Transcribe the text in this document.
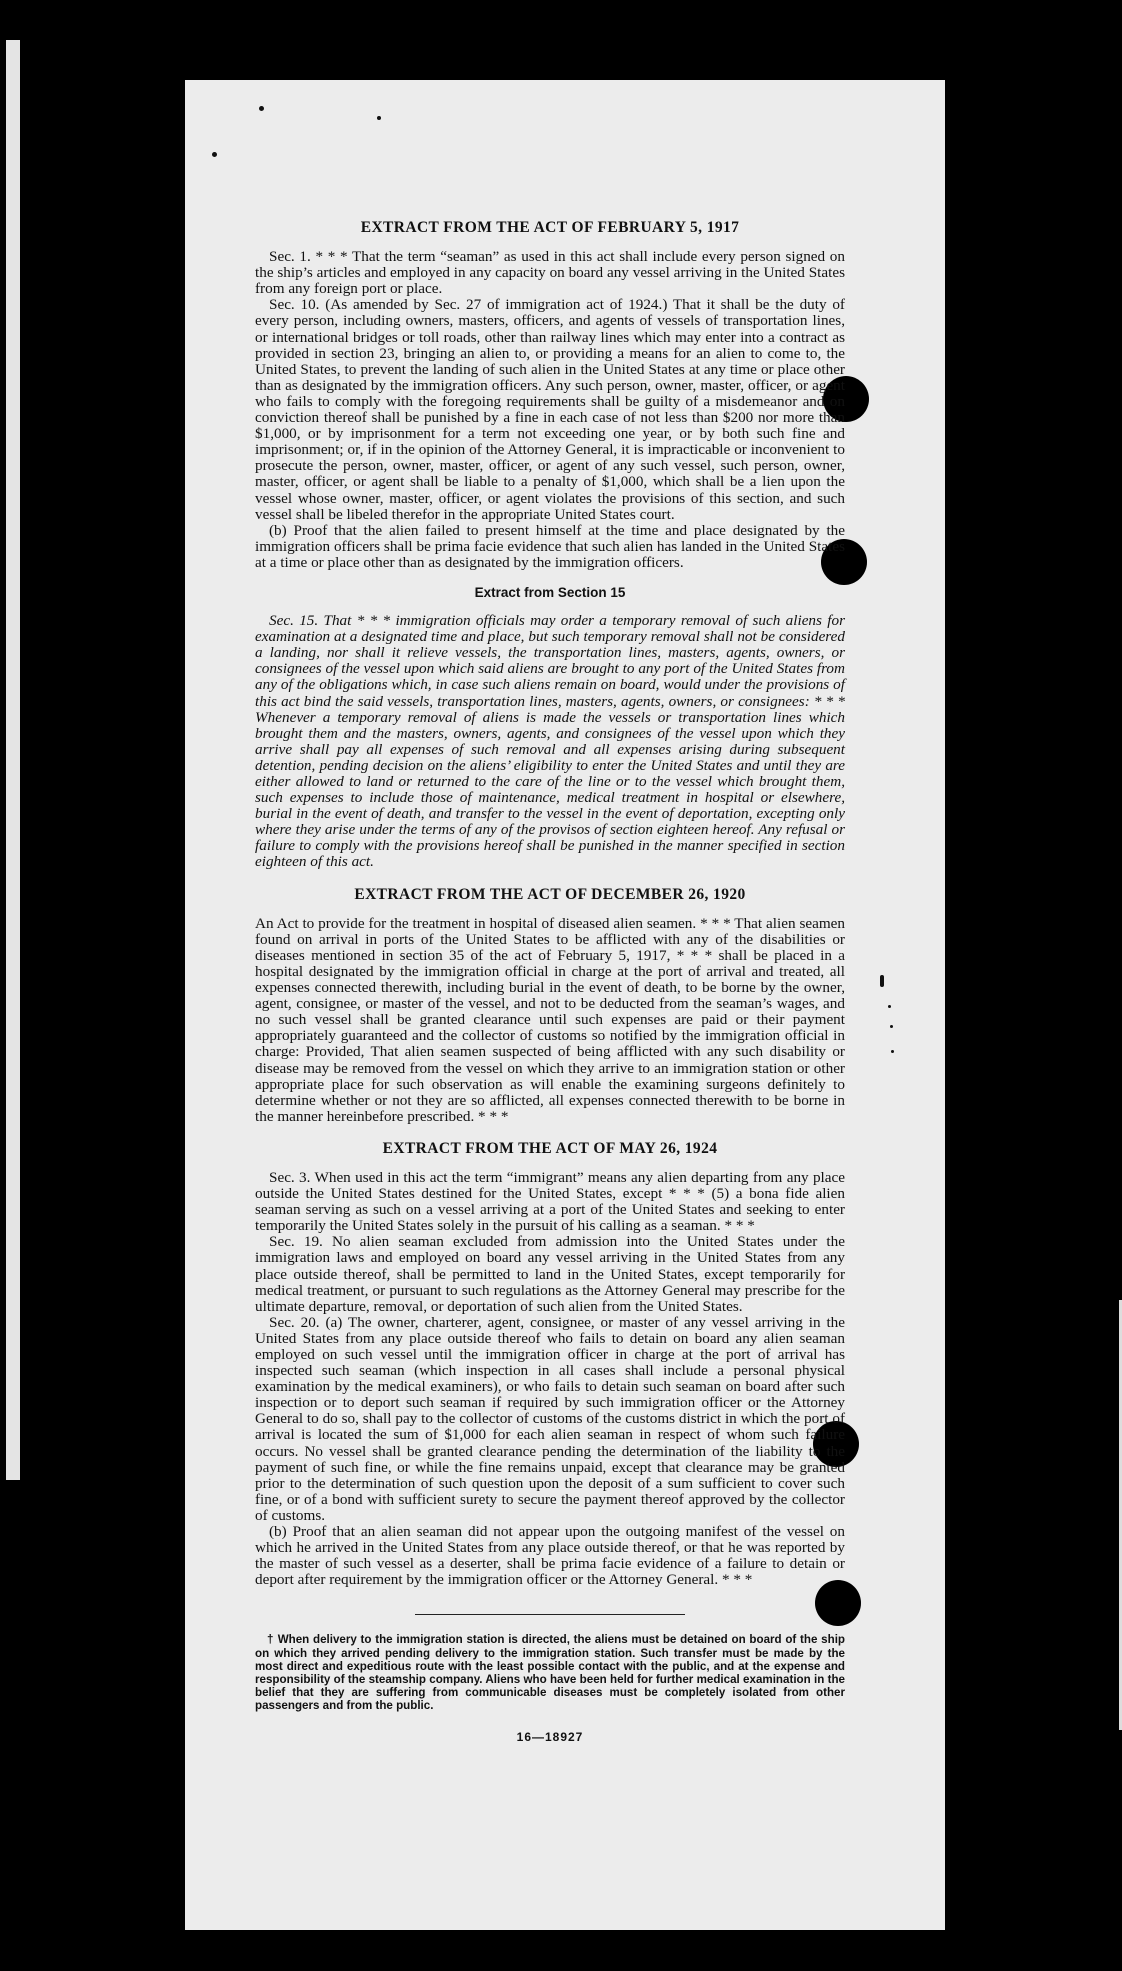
EXTRACT FROM THE ACT OF FEBRUARY 5, 1917

Sec. 1. * * * That the term “seaman” as used in this act shall include every person signed on the ship’s articles and employed in any capacity on board any vessel arriving in the United States from any foreign port or place.

Sec. 10. (As amended by Sec. 27 of immigration act of 1924.) That it shall be the duty of every person, including owners, masters, officers, and agents of vessels of transportation lines, or international bridges or toll roads, other than railway lines which may enter into a contract as provided in section 23, bringing an alien to, or providing a means for an alien to come to, the United States, to prevent the landing of such alien in the United States at any time or place other than as designated by the immigration officers. Any such person, owner, master, officer, or agent who fails to comply with the foregoing requirements shall be guilty of a misdemeanor and on conviction thereof shall be punished by a fine in each case of not less than $200 nor more than $1,000, or by imprisonment for a term not exceeding one year, or by both such fine and imprisonment; or, if in the opinion of the Attorney General, it is impracticable or inconvenient to prosecute the person, owner, master, officer, or agent of any such vessel, such person, owner, master, officer, or agent shall be liable to a penalty of $1,000, which shall be a lien upon the vessel whose owner, master, officer, or agent violates the provisions of this section, and such vessel shall be libeled therefor in the appropriate United States court.

(b) Proof that the alien failed to present himself at the time and place designated by the immigration officers shall be prima facie evidence that such alien has landed in the United States at a time or place other than as designated by the immigration officers.

Extract from Section 15

Sec. 15. That * * * immigration officials may order a temporary removal of such aliens for examination at a designated time and place, but such temporary removal shall not be considered a landing, nor shall it relieve vessels, the transportation lines, masters, agents, owners, or consignees of the vessel upon which said aliens are brought to any port of the United States from any of the obligations which, in case such aliens remain on board, would under the provisions of this act bind the said vessels, transportation lines, masters, agents, owners, or consignees: * * * Whenever a temporary removal of aliens is made the vessels or transportation lines which brought them and the masters, owners, agents, and consignees of the vessel upon which they arrive shall pay all expenses of such removal and all expenses arising during subsequent detention, pending decision on the aliens’ eligibility to enter the United States and until they are either allowed to land or returned to the care of the line or to the vessel which brought them, such expenses to include those of maintenance, medical treatment in hospital or elsewhere, burial in the event of death, and transfer to the vessel in the event of deportation, excepting only where they arise under the terms of any of the provisos of section eighteen hereof. Any refusal or failure to comply with the provisions hereof shall be punished in the manner specified in section eighteen of this act.

EXTRACT FROM THE ACT OF DECEMBER 26, 1920

An Act to provide for the treatment in hospital of diseased alien seamen. * * * That alien seamen found on arrival in ports of the United States to be afflicted with any of the disabilities or diseases mentioned in section 35 of the act of February 5, 1917, * * * shall be placed in a hospital designated by the immigration official in charge at the port of arrival and treated, all expenses connected therewith, including burial in the event of death, to be borne by the owner, agent, consignee, or master of the vessel, and not to be deducted from the seaman’s wages, and no such vessel shall be granted clearance until such expenses are paid or their payment appropriately guaranteed and the collector of customs so notified by the immigration official in charge: Provided, That alien seamen suspected of being afflicted with any such disability or disease may be removed from the vessel on which they arrive to an immigration station or other appropriate place for such observation as will enable the examining surgeons definitely to determine whether or not they are so afflicted, all expenses connected therewith to be borne in the manner hereinbefore prescribed. * * *

EXTRACT FROM THE ACT OF MAY 26, 1924

Sec. 3. When used in this act the term “immigrant” means any alien departing from any place outside the United States destined for the United States, except * * * (5) a bona fide alien seaman serving as such on a vessel arriving at a port of the United States and seeking to enter temporarily the United States solely in the pursuit of his calling as a seaman. * * *

Sec. 19. No alien seaman excluded from admission into the United States under the immigration laws and employed on board any vessel arriving in the United States from any place outside thereof, shall be permitted to land in the United States, except temporarily for medical treatment, or pursuant to such regulations as the Attorney General may prescribe for the ultimate departure, removal, or deportation of such alien from the United States.

Sec. 20. (a) The owner, charterer, agent, consignee, or master of any vessel arriving in the United States from any place outside thereof who fails to detain on board any alien seaman employed on such vessel until the immigration officer in charge at the port of arrival has inspected such seaman (which inspection in all cases shall include a personal physical examination by the medical examiners), or who fails to detain such seaman on board after such inspection or to deport such seaman if required by such immigration officer or the Attorney General to do so, shall pay to the collector of customs of the customs district in which the port of arrival is located the sum of $1,000 for each alien seaman in respect of whom such failure occurs. No vessel shall be granted clearance pending the determination of the liability to the payment of such fine, or while the fine remains unpaid, except that clearance may be granted prior to the determination of such question upon the deposit of a sum sufficient to cover such fine, or of a bond with sufficient surety to secure the payment thereof approved by the collector of customs.

(b) Proof that an alien seaman did not appear upon the outgoing manifest of the vessel on which he arrived in the United States from any place outside thereof, or that he was reported by the master of such vessel as a deserter, shall be prima facie evidence of a failure to detain or deport after requirement by the immigration officer or the Attorney General. * * *

† When delivery to the immigration station is directed, the aliens must be detained on board of the ship on which they arrived pending delivery to the immigration station. Such transfer must be made by the most direct and expeditious route with the least possible contact with the public, and at the expense and responsibility of the steamship company. Aliens who have been held for further medical examination in the belief that they are suffering from communicable diseases must be completely isolated from other passengers and from the public.

16—18927
